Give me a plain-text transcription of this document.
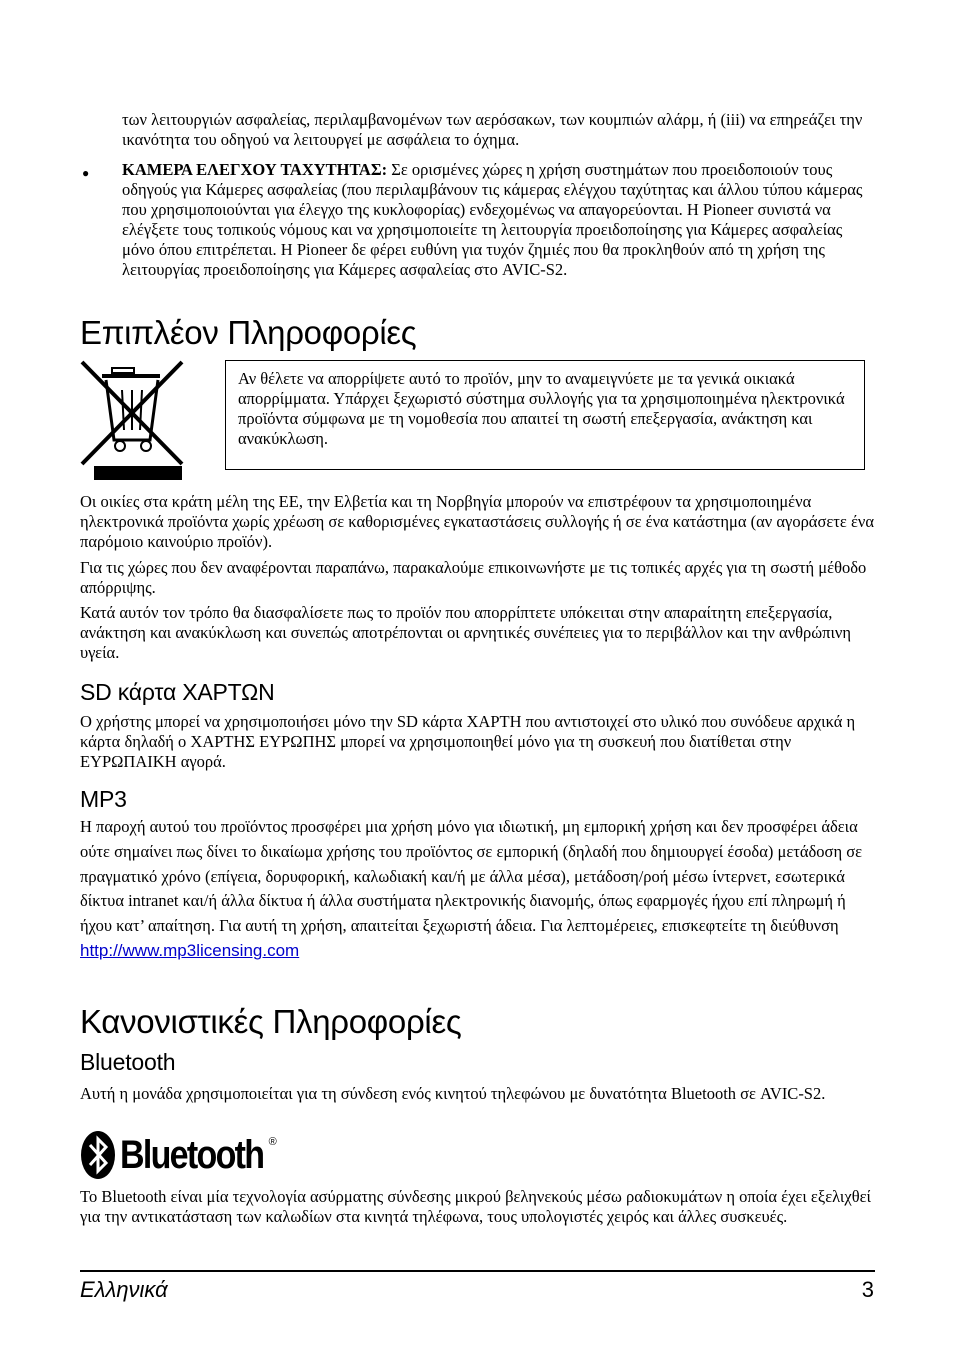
των λειτουργιών ασφαλείας, περιλαμβανομένων των αερόσακων, των κουμπιών αλάρμ, ή (iii) να επηρεάζει την ικανότητα του οδηγού να λειτουργεί με ασφάλεια το όχημα.

● ΚΑΜΕΡΑ ΕΛΕΓΧΟΥ ΤΑΧΥΤΗΤΑΣ: Σε ορισμένες χώρες η χρήση συστημάτων που προειδοποιούν τους οδηγούς για Κάμερες ασφαλείας (που περιλαμβάνουν τις κάμερας ελέγχου ταχύτητας και άλλου τύπου κάμερας που χρησιμοποιούνται για έλεγχο της κυκλοφορίας) ενδεχομένως να απαγορεύονται. Η Pioneer συνιστά να ελέγξετε τους τοπικούς νόμους και να χρησιμοποιείτε τη λειτουργία προειδοποίησης για Κάμερες ασφαλείας μόνο όπου επιτρέπεται. Η Pioneer δε φέρει ευθύνη για τυχόν ζημιές που θα προκληθούν από τη χρήση της λειτουργίας προειδοποίησης για Κάμερες ασφαλείας στο AVIC-S2.

Επιπλέον Πληροφορίες
Αν θέλετε να απορρίψετε αυτό το προϊόν, μην το αναμειγνύετε με τα γενικά οικιακά απορρίμματα. Υπάρχει ξεχωριστό σύστημα συλλογής για τα χρησιμοποιημένα ηλεκτρονικά προϊόντα σύμφωνα με τη νομοθεσία που απαιτεί τη σωστή επεξεργασία, ανάκτηση και ανακύκλωση.

Οι οικίες στα κράτη μέλη της ΕΕ, την Ελβετία και τη Νορβηγία μπορούν να επιστρέφουν τα χρησιμοποιημένα ηλεκτρονικά προϊόντα χωρίς χρέωση σε καθορισμένες εγκαταστάσεις συλλογής ή σε ένα κατάστημα (αν αγοράσετε ένα παρόμοιο καινούριο προϊόν).

Για τις χώρες που δεν αναφέρονται παραπάνω, παρακαλούμε επικοινωνήστε με τις τοπικές αρχές για τη σωστή μέθοδο απόρριψης.

Κατά αυτόν τον τρόπο θα διασφαλίσετε πως το προϊόν που απορρίπτετε υπόκειται στην απαραίτητη επεξεργασία, ανάκτηση και ανακύκλωση και συνεπώς αποτρέπονται οι αρνητικές συνέπειες για το περιβάλλον και την ανθρώπινη υγεία.

SD κάρτα ΧΑΡΤΩΝ

Ο χρήστης μπορεί να χρησιμοποιήσει μόνο την SD κάρτα ΧΑΡΤΗ που αντιστοιχεί στο υλικό που συνόδευε αρχικά η κάρτα δηλαδή ο ΧΑΡΤΗΣ ΕΥΡΩΠΗΣ μπορεί να χρησιμοποιηθεί μόνο για τη συσκευή που διατίθεται στην ΕΥΡΩΠΑΙΚΗ αγορά.

MP3

Η παροχή αυτού του προϊόντος προσφέρει μια χρήση μόνο για ιδιωτική, μη εμπορική χρήση και δεν προσφέρει άδεια ούτε σημαίνει πως δίνει το δικαίωμα χρήσης του προϊόντος σε εμπορική (δηλαδή που δημιουργεί έσοδα) μετάδοση σε πραγματικό χρόνο (επίγεια, δορυφορική, καλωδιακή και/ή με άλλα μέσα), μετάδοση/ροή μέσω ίντερνετ, εσωτερικά δίκτυα intranet και/ή άλλα δίκτυα ή άλλα συστήματα ηλεκτρονικής διανομής, όπως εφαρμογές ήχου επί πληρωμή ή ήχου κατ’ απαίτηση. Για αυτή τη χρήση, απαιτείται ξεχωριστή άδεια. Για λεπτομέρειες, επισκεφτείτε τη διεύθυνση http://www.mp3licensing.com

Κανονιστικές Πληροφορίες
Bluetooth

Αυτή η μονάδα χρησιμοποιείται για τη σύνδεση ενός κινητού τηλεφώνου με δυνατότητα Bluetooth σε AVIC-S2.

Bluetooth ®

Το Bluetooth είναι μία τεχνολογία ασύρματης σύνδεσης μικρού βεληνεκούς μέσω ραδιοκυμάτων η οποία έχει εξελιχθεί για την αντικατάσταση των καλωδίων στα κινητά τηλέφωνα, τους υπολογιστές χειρός και άλλες συσκευές.

Ελληνικά	3
